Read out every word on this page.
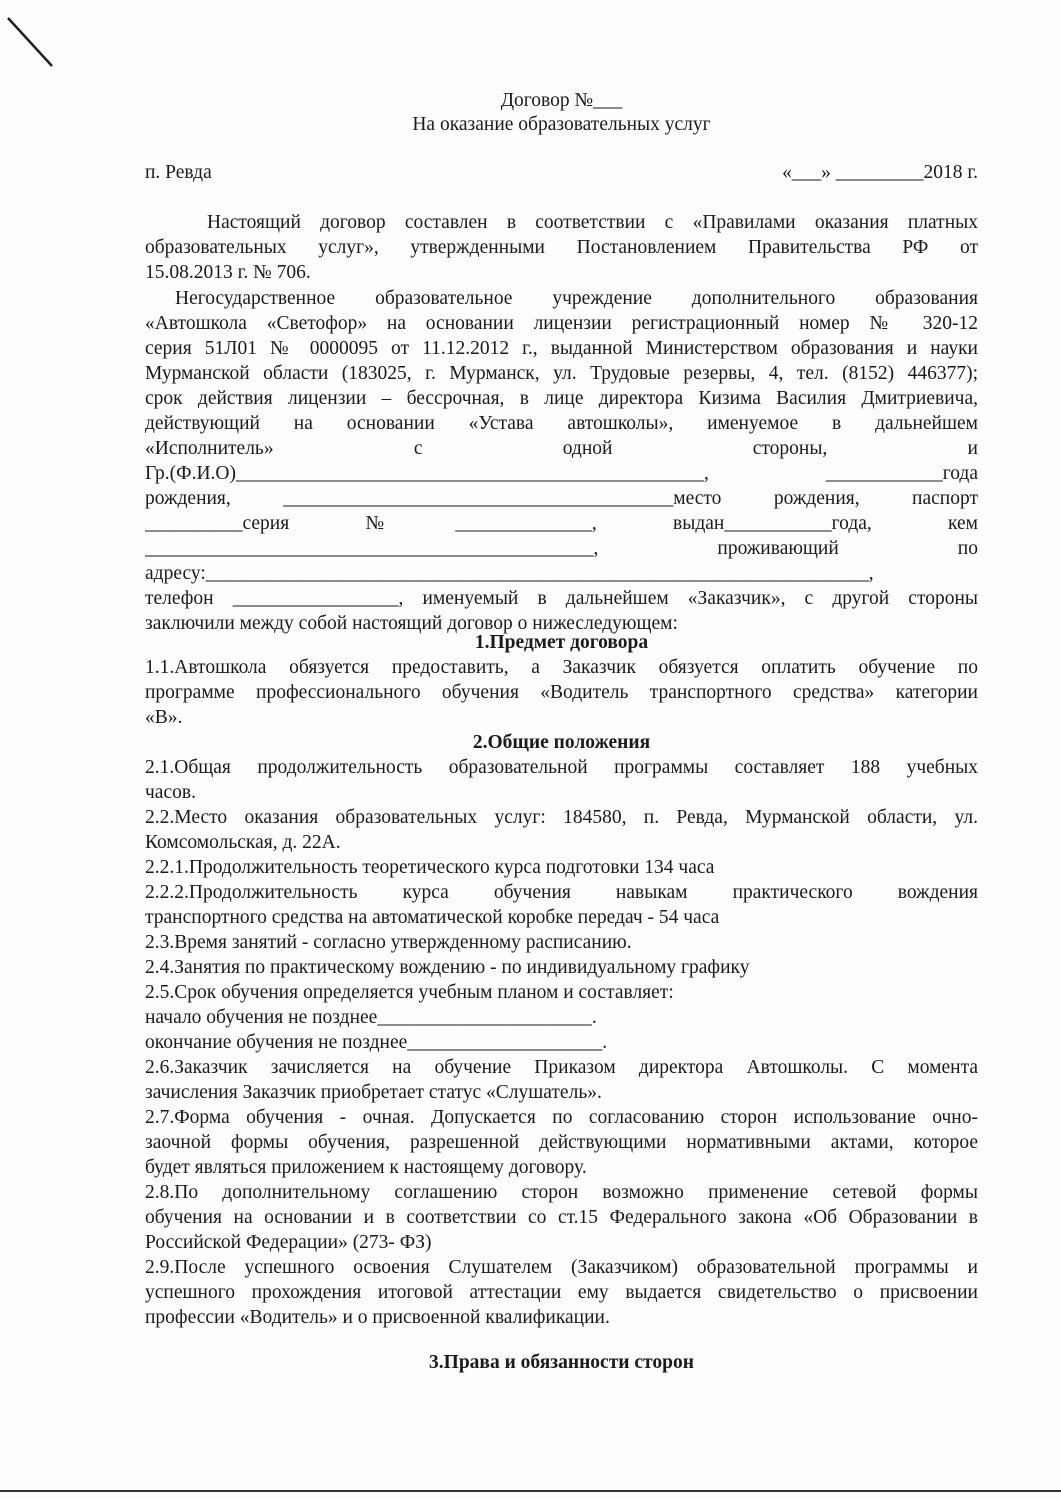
Договор №___
На оказание образовательных услуг
п. Ревда	«___» _________2018 г.
Настоящий договор составлен в соответствии с «Правилами оказания платных
образовательных услуг», утвержденными Постановлением Правительства РФ от
15.08.2013 г. № 706.
Негосударственное образовательное учреждение дополнительного образования
«Автошкола «Светофор» на основании лицензии регистрационный номер № 320-12
серия 51Л01 № 0000095 от 11.12.2012 г., выданной Министерством образования и науки
Мурманской области (183025, г. Мурманск, ул. Трудовые резервы, 4, тел. (8152) 446377);
срок действия лицензии – бессрочная, в лице директора Кизима Василия Дмитриевича,
действующий на основании «Устава автошколы», именуемое в дальнейшем
«Исполнитель» с одной стороны, и
Гр.(Ф.И.О)________________________________________________, ____________года
рождения, ________________________________________место рождения, паспорт
__________серия №______________, выдан___________года, кем
______________________________________________, проживающий по
адресу:____________________________________________________________________,
телефон _________________, именуемый в дальнейшем «Заказчик», с другой стороны
заключили между собой настоящий договор о нижеследующем:
1.Предмет договора
1.1.Автошкола обязуется предоставить, а Заказчик обязуется оплатить обучение по
программе профессионального обучения «Водитель транспортного средства» категории
«В».
2.Общие положения
2.1.Общая продолжительность образовательной программы составляет 188 учебных
часов.
2.2.Место оказания образовательных услуг: 184580, п. Ревда, Мурманской области, ул.
Комсомольская, д. 22А.
2.2.1.Продолжительность теоретического курса подготовки 134 часа
2.2.2.Продолжительность курса обучения навыкам практического вождения
транспортного средства на автоматической коробке передач - 54 часа
2.3.Время занятий - согласно утвержденному расписанию.
2.4.Занятия по практическому вождению - по индивидуальному графику
2.5.Срок обучения определяется учебным планом и составляет:
начало обучения не позднее______________________.
окончание обучения не позднее____________________.
2.6.Заказчик зачисляется на обучение Приказом директора Автошколы. С момента
зачисления Заказчик приобретает статус «Слушатель».
2.7.Форма обучения - очная. Допускается по согласованию сторон использование очно-
заочной формы обучения, разрешенной действующими нормативными актами, которое
будет являться приложением к настоящему договору.
2.8.По дополнительному соглашению сторон возможно применение сетевой формы
обучения на основании и в соответствии со ст.15 Федерального закона «Об Образовании в
Российской Федерации» (273- ФЗ)
2.9.После успешного освоения Слушателем (Заказчиком) образовательной программы и
успешного прохождения итоговой аттестации ему выдается свидетельство о присвоении
профессии «Водитель» и о присвоенной квалификации.
3.Права и обязанности сторон
